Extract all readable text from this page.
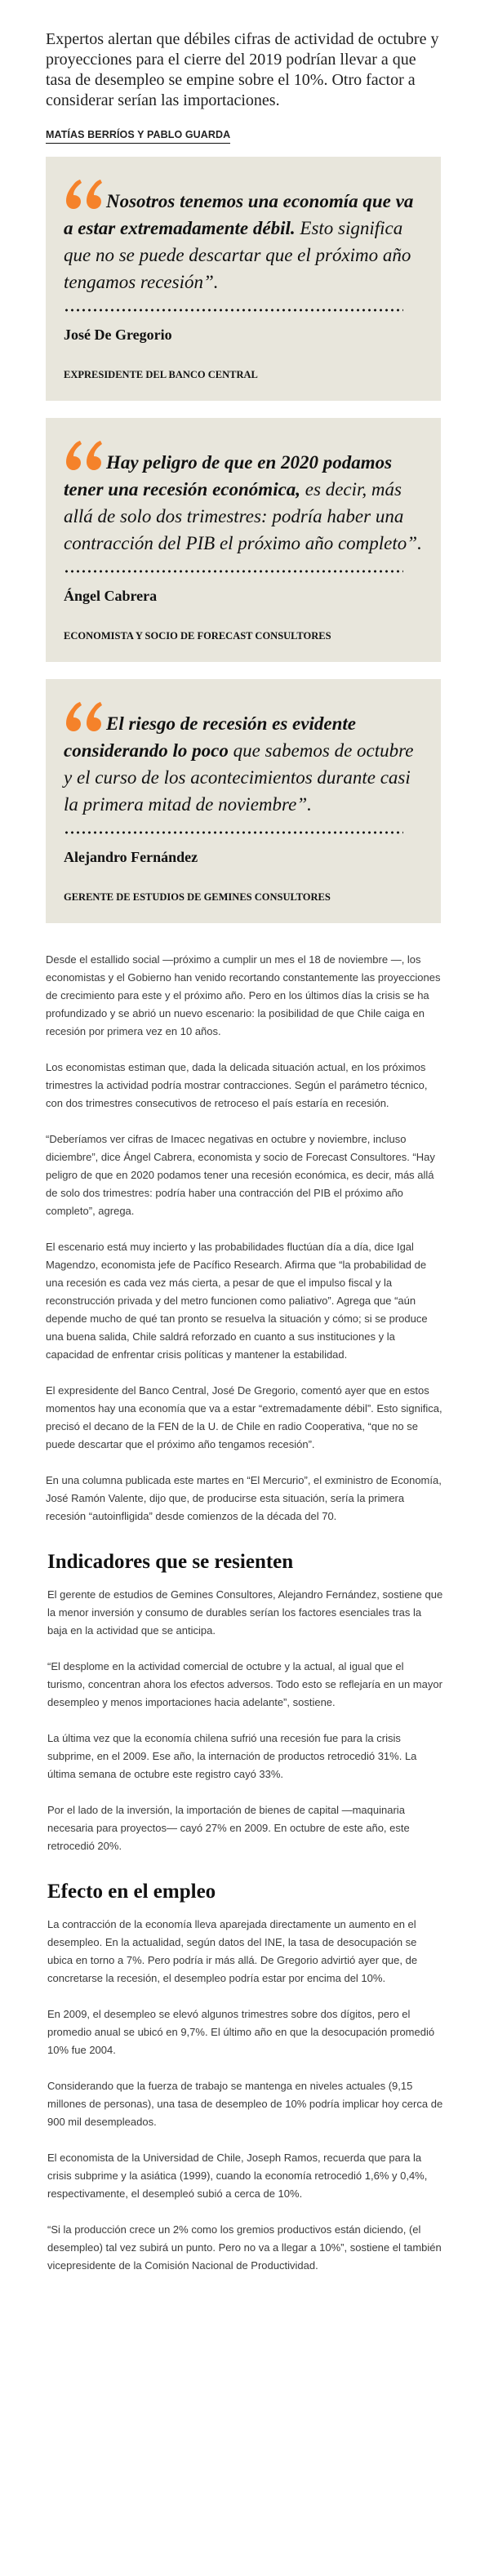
Expertos alertan que débiles cifras de actividad de octubre y proyecciones para el cierre del 2019 podrían llevar a que tasa de desempleo se empine sobre el 10%. Otro factor a considerar serían las importaciones.

MATÍAS BERRÍOS Y PABLO GUARDA

Nosotros tenemos una economía que va a estar extremadamente débil. Esto significa que no se puede descartar que el próximo año tengamos recesión”.

José De Gregorio
EXPRESIDENTE DEL BANCO CENTRAL

Hay peligro de que en 2020 podamos tener una recesión económica, es decir, más allá de solo dos trimestres: podría haber una contracción del PIB el próximo año completo”.

Ángel Cabrera
ECONOMISTA Y SOCIO DE FORECAST CONSULTORES

El riesgo de recesión es evidente considerando lo poco que sabemos de octubre y el curso de los acontecimientos durante casi la primera mitad de noviembre”.

Alejandro Fernández
GERENTE DE ESTUDIOS DE GEMINES CONSULTORES

Desde el estallido social —próximo a cumplir un mes el 18 de noviembre —, los economistas y el Gobierno han venido recortando constantemente las proyecciones de crecimiento para este y el próximo año. Pero en los últimos días la crisis se ha profundizado y se abrió un nuevo escenario: la posibilidad de que Chile caiga en recesión por primera vez en 10 años.

Los economistas estiman que, dada la delicada situación actual, en los próximos trimestres la actividad podría mostrar contracciones. Según el parámetro técnico, con dos trimestres consecutivos de retroceso el país estaría en recesión.

“Deberíamos ver cifras de Imacec negativas en octubre y noviembre, incluso diciembre”, dice Ángel Cabrera, economista y socio de Forecast Consultores. “Hay peligro de que en 2020 podamos tener una recesión económica, es decir, más allá de solo dos trimestres: podría haber una contracción del PIB el próximo año completo”, agrega.

El escenario está muy incierto y las probabilidades fluctúan día a día, dice Igal Magendzo, economista jefe de Pacífico Research. Afirma que “la probabilidad de una recesión es cada vez más cierta, a pesar de que el impulso fiscal y la reconstrucción privada y del metro funcionen como paliativo”. Agrega que “aún depende mucho de qué tan pronto se resuelva la situación y cómo; si se produce una buena salida, Chile saldrá reforzado en cuanto a sus instituciones y la capacidad de enfrentar crisis políticas y mantener la estabilidad.

El expresidente del Banco Central, José De Gregorio, comentó ayer que en estos momentos hay una economía que va a estar “extremadamente débil”. Esto significa, precisó el decano de la FEN de la U. de Chile en radio Cooperativa, “que no se puede descartar que el próximo año tengamos recesión”.

En una columna publicada este martes en “El Mercurio”, el exministro de Economía, José Ramón Valente, dijo que, de producirse esta situación, sería la primera recesión “autoinfligida” desde comienzos de la década del 70.

Indicadores que se resienten

El gerente de estudios de Gemines Consultores, Alejandro Fernández, sostiene que la menor inversión y consumo de durables serían los factores esenciales tras la baja en la actividad que se anticipa.

“El desplome en la actividad comercial de octubre y la actual, al igual que el turismo, concentran ahora los efectos adversos. Todo esto se reflejaría en un mayor desempleo y menos importaciones hacia adelante”, sostiene.

La última vez que la economía chilena sufrió una recesión fue para la crisis subprime, en el 2009. Ese año, la internación de productos retrocedió 31%. La última semana de octubre este registro cayó 33%.

Por el lado de la inversión, la importación de bienes de capital —maquinaria necesaria para proyectos— cayó 27% en 2009. En octubre de este año, este retrocedió 20%.

Efecto en el empleo

La contracción de la economía lleva aparejada directamente un aumento en el desempleo. En la actualidad, según datos del INE, la tasa de desocupación se ubica en torno a 7%. Pero podría ir más allá. De Gregorio advirtió ayer que, de concretarse la recesión, el desempleo podría estar por encima del 10%.

En 2009, el desempleo se elevó algunos trimestres sobre dos dígitos, pero el promedio anual se ubicó en 9,7%. El último año en que la desocupación promedió 10% fue 2004.

Considerando que la fuerza de trabajo se mantenga en niveles actuales (9,15 millones de personas), una tasa de desempleo de 10% podría implicar hoy cerca de 900 mil desempleados.

El economista de la Universidad de Chile, Joseph Ramos, recuerda que para la crisis subprime y la asiática (1999), cuando la economía retrocedió 1,6% y 0,4%, respectivamente, el desempleó subió a cerca de 10%.

“Si la producción crece un 2% como los gremios productivos están diciendo, (el desempleo) tal vez subirá un punto. Pero no va a llegar a 10%”, sostiene el también vicepresidente de la Comisión Nacional de Productividad.
